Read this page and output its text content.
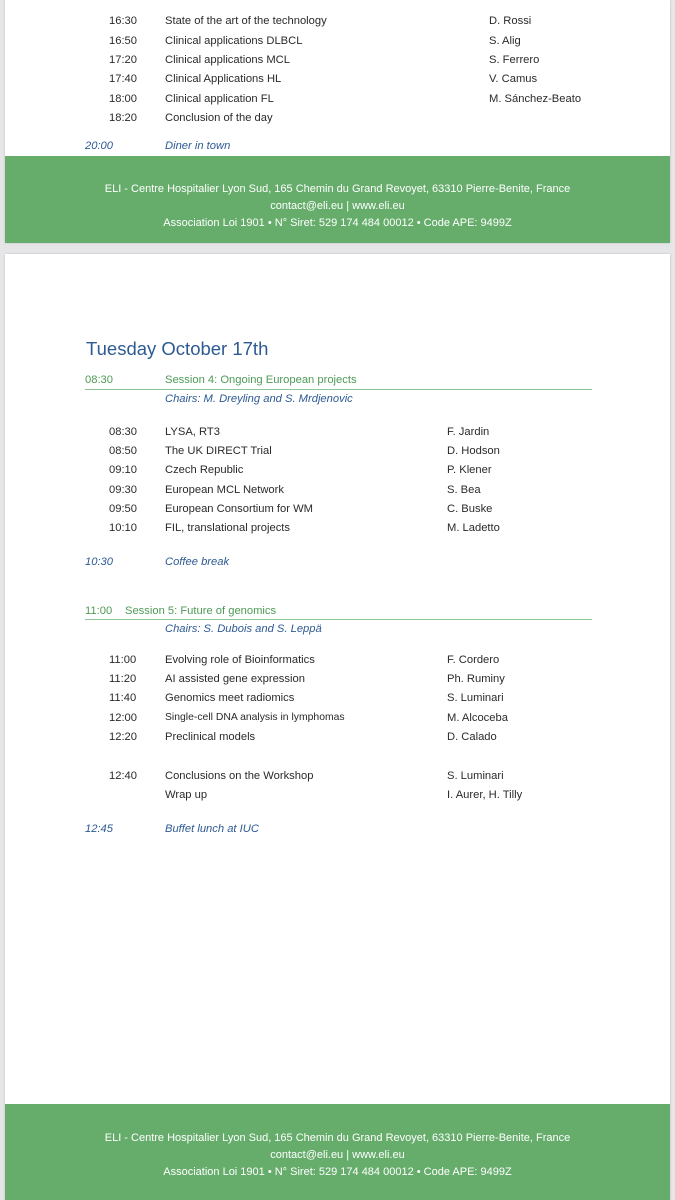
16:30	State of the art of the technology	D. Rossi
16:50	Clinical applications DLBCL	S. Alig
17:20	Clinical applications MCL	S. Ferrero
17:40	Clinical Applications HL	V. Camus
18:00	Clinical application FL	M. Sánchez-Beato
18:20	Conclusion of the day
20:00	Diner in town
ELI - Centre Hospitalier Lyon Sud, 165 Chemin du Grand Revoyet, 63310 Pierre-Benite, France
contact@eli.eu | www.eli.eu
Association Loi 1901 • N° Siret: 529 174 484 00012 • Code APE: 9499Z
Tuesday October 17th
08:30	Session 4: Ongoing European projects
Chairs: M. Dreyling and S. Mrdjenovic
08:30	LYSA, RT3	F. Jardin
08:50	The UK DIRECT Trial	D. Hodson
09:10	Czech Republic	P. Klener
09:30	European MCL Network	S. Bea
09:50	European Consortium for WM	C. Buske
10:10	FIL, translational projects	M. Ladetto
10:30	Coffee break
11:00 Session 5: Future of genomics
Chairs: S. Dubois and S. Leppä
11:00	Evolving role of Bioinformatics	F. Cordero
11:20	AI assisted gene expression	Ph. Ruminy
11:40	Genomics meet radiomics	S. Luminari
12:00	Single-cell DNA analysis in lymphomas	M. Alcoceba
12:20	Preclinical models	D. Calado
12:40	Conclusions on the Workshop	S. Luminari
Wrap up	I. Aurer, H. Tilly
12:45	Buffet lunch at IUC
ELI - Centre Hospitalier Lyon Sud, 165 Chemin du Grand Revoyet, 63310 Pierre-Benite, France
contact@eli.eu | www.eli.eu
Association Loi 1901 • N° Siret: 529 174 484 00012 • Code APE: 9499Z
